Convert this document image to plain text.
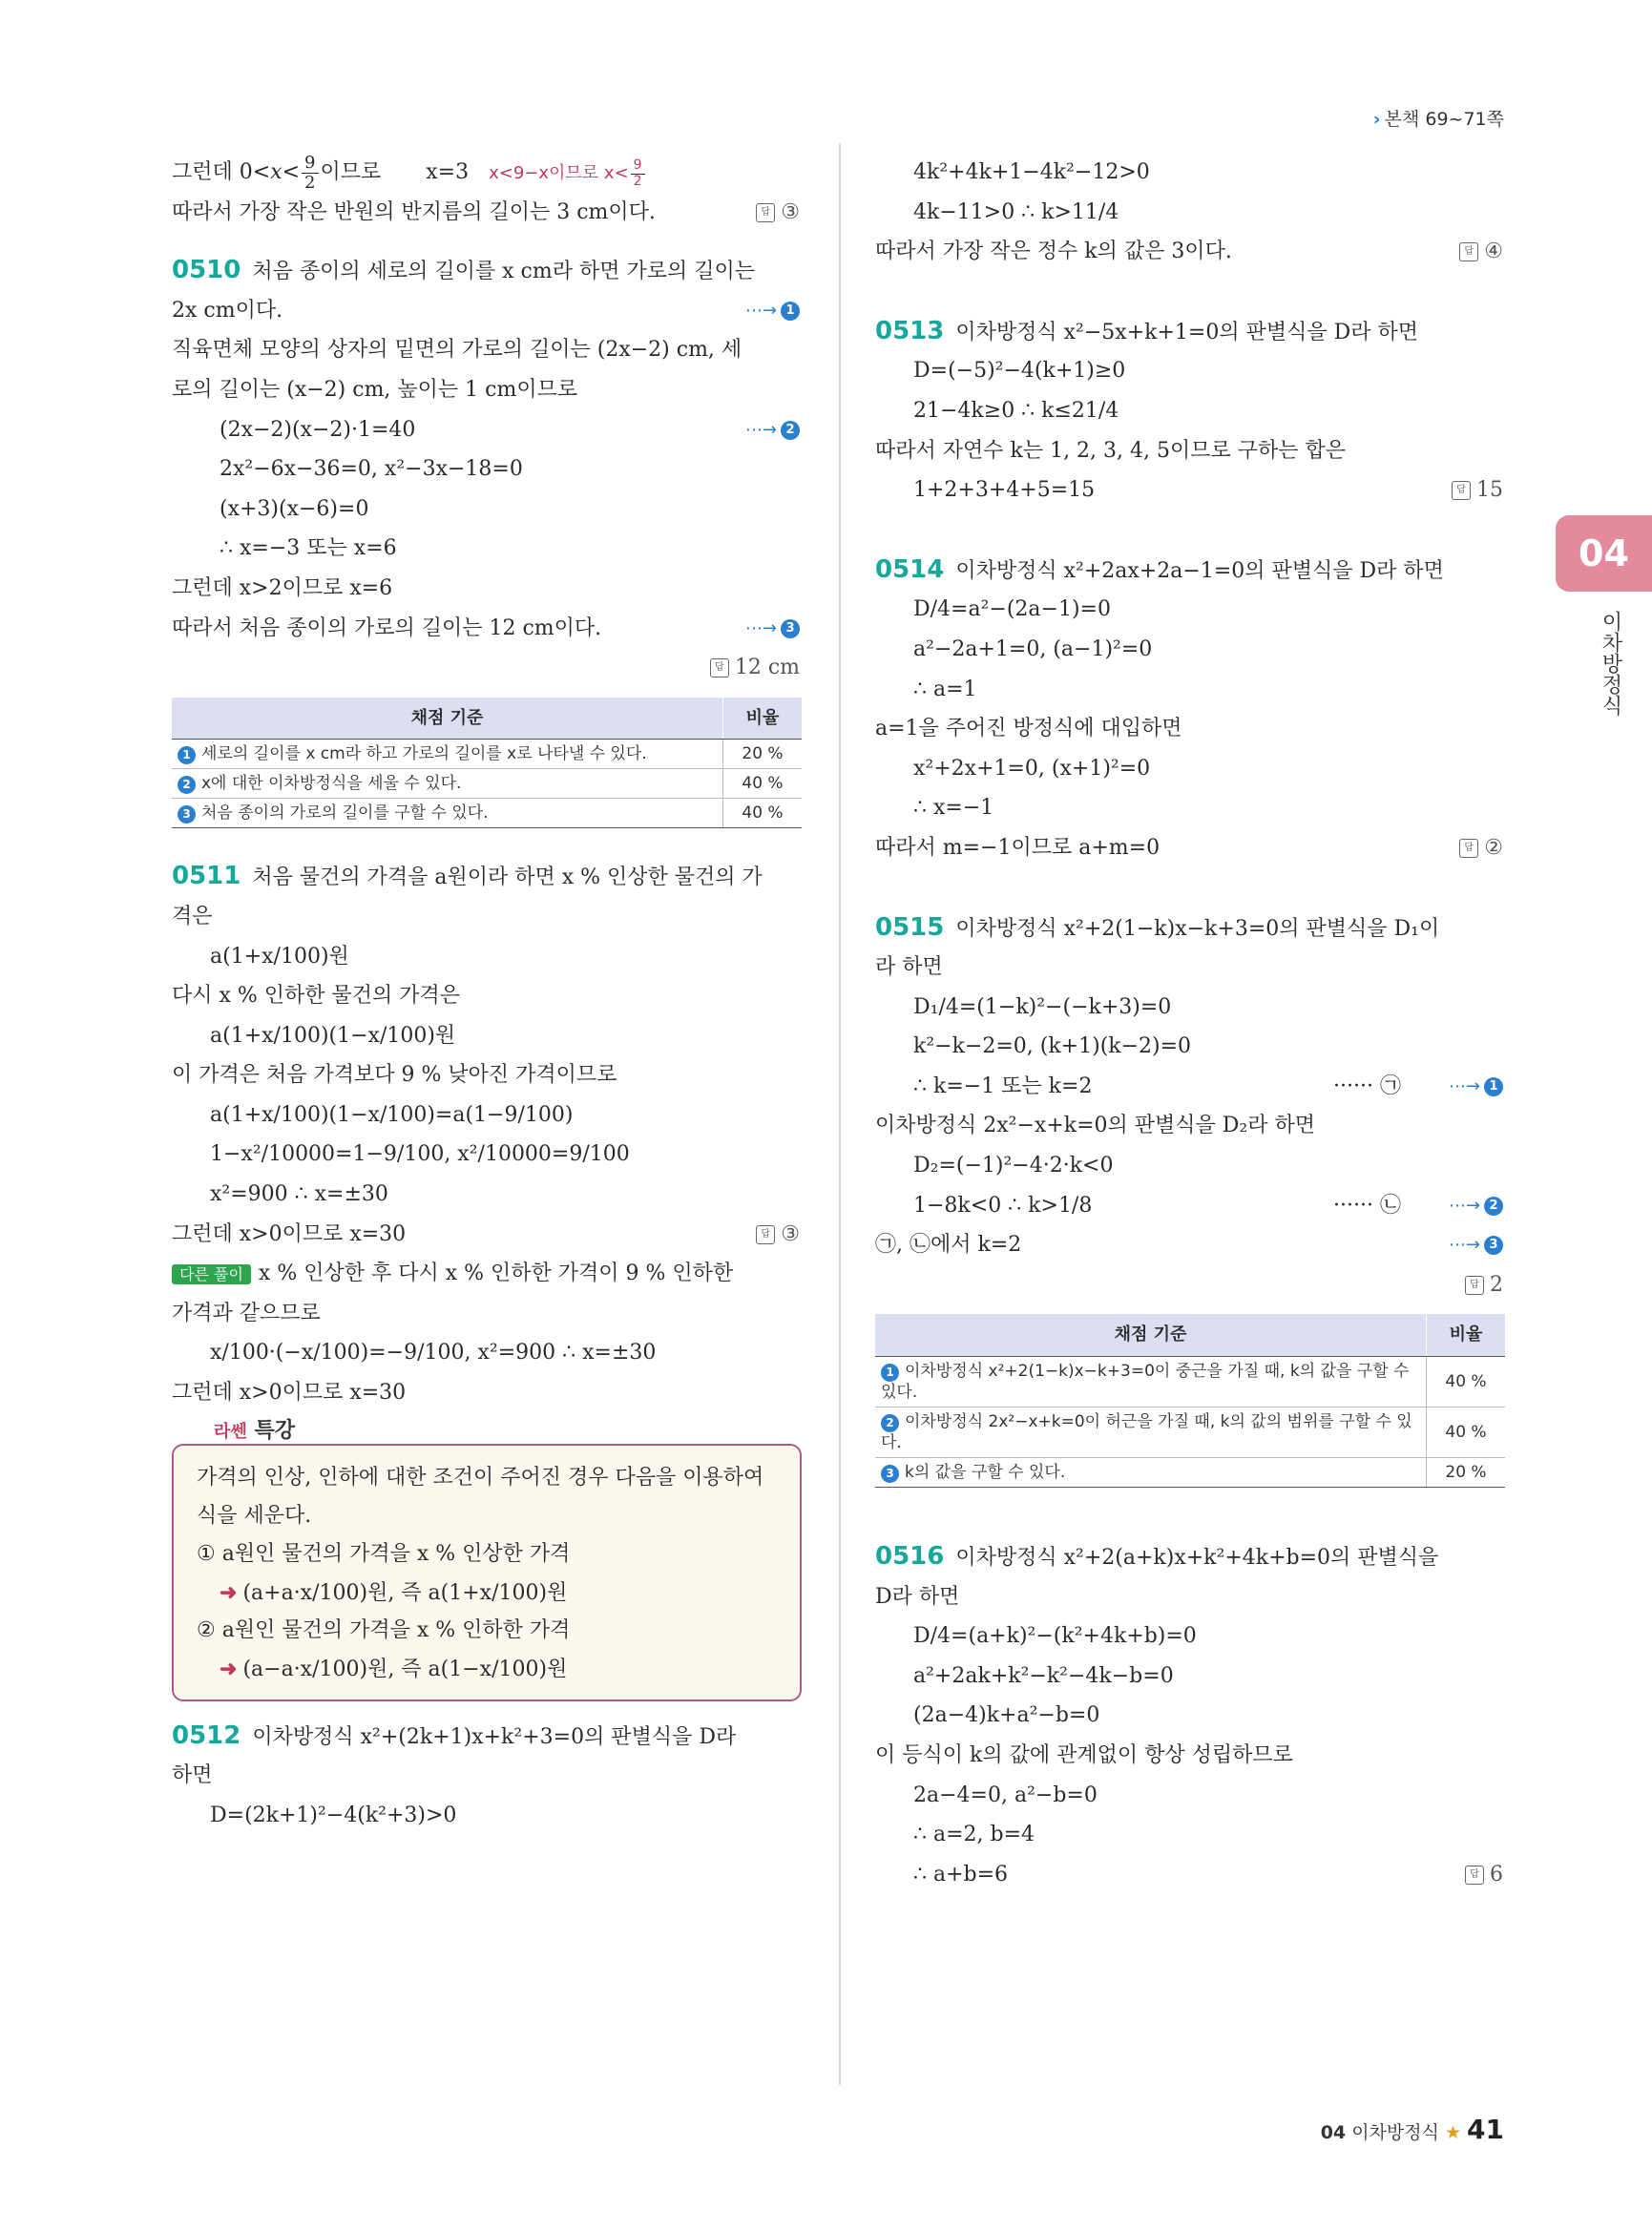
› 본책 69~71쪽
그런데 $0<x< \frac{9}{2}$ 이므로 x=3 x<9−x이므로 $x< \frac{9}{2}$
따라서 가장 작은 반원의 반지름의 길이는 3 cm이다.	답 ③
0510 처음 종이의 세로의 길이를 x cm라 하면 가로의 길이는
2x cm이다.	⋯→ 1
직육면체 모양의 상자의 밑면의 가로의 길이는 (2x−2) cm, 세
로의 길이는 (x−2) cm, 높이는 1 cm이므로
(2x−2)(x−2)·1=40	⋯→ 2
2x²−6x−36=0, x²−3x−18=0
(x+3)(x−6)=0
∴ x=−3 또는 x=6
그런데 x>2이므로 x=6
따라서 처음 종이의 가로의 길이는 12 cm이다.	⋯→ 3
답 12 cm
채점 기준	비율
1 세로의 길이를 x cm라 하고 가로의 길이를 x로 나타낼 수 있다.	20 %
2 x에 대한 이차방정식을 세울 수 있다.	40 %
3 처음 종이의 가로의 길이를 구할 수 있다.	40 %
0511 처음 물건의 가격을 a원이라 하면 x % 인상한 물건의 가
격은
a(1+x/100)원
다시 x % 인하한 물건의 가격은
a(1+x/100)(1−x/100)원
이 가격은 처음 가격보다 9 % 낮아진 가격이므로
a(1+x/100)(1−x/100)=a(1−9/100)
1−x²/10000=1−9/100, x²/10000=9/100
x²=900 ∴ x=±30
그런데 x>0이므로 x=30	답 ③
다른 풀이 x % 인상한 후 다시 x % 인하한 가격이 9 % 인하한
가격과 같으므로
x/100·(−x/100)=−9/100, x²=900 ∴ x=±30
그런데 x>0이므로 x=30
라쎈 특강
가격의 인상, 인하에 대한 조건이 주어진 경우 다음을 이용하여
식을 세운다.
① a원인 물건의 가격을 x % 인상한 가격
➜ (a+a·x/100)원, 즉 a(1+x/100)원
② a원인 물건의 가격을 x % 인하한 가격
➜ (a−a·x/100)원, 즉 a(1−x/100)원
0512 이차방정식 x²+(2k+1)x+k²+3=0의 판별식을 D라
하면
D=(2k+1)²−4(k²+3)>0
4k²+4k+1−4k²−12>0
4k−11>0 ∴ k>11/4
따라서 가장 작은 정수 k의 값은 3이다.	답 ④
0513 이차방정식 x²−5x+k+1=0의 판별식을 D라 하면
D=(−5)²−4(k+1)≥0
21−4k≥0 ∴ k≤21/4
따라서 자연수 k는 1, 2, 3, 4, 5이므로 구하는 합은
1+2+3+4+5=15	답 15
0514 이차방정식 x²+2ax+2a−1=0의 판별식을 D라 하면
D/4=a²−(2a−1)=0
a²−2a+1=0, (a−1)²=0
∴ a=1
a=1을 주어진 방정식에 대입하면
x²+2x+1=0, (x+1)²=0
∴ x=−1
따라서 m=−1이므로 a+m=0	답 ②
0515 이차방정식 x²+2(1−k)x−k+3=0의 판별식을 D₁이
라 하면
D₁/4=(1−k)²−(−k+3)=0
k²−k−2=0, (k+1)(k−2)=0
∴ k=−1 또는 k=2	······ ㉠	⋯→ 1
이차방정식 2x²−x+k=0의 판별식을 D₂라 하면
D₂=(−1)²−4·2·k<0
1−8k<0 ∴ k>1/8	······ ㉡	⋯→ 2
㉠, ㉡에서 k=2	⋯→ 3
답 2
채점 기준	비율
1 이차방정식 x²+2(1−k)x−k+3=0이 중근을 가질 때, k의 값을 구할 수 있다.	40 %
2 이차방정식 2x²−x+k=0이 허근을 가질 때, k의 값의 범위를 구할 수 있다.	40 %
3 k의 값을 구할 수 있다.	20 %
0516 이차방정식 x²+2(a+k)x+k²+4k+b=0의 판별식을
D라 하면
D/4=(a+k)²−(k²+4k+b)=0
a²+2ak+k²−k²−4k−b=0
(2a−4)k+a²−b=0
이 등식이 k의 값에 관계없이 항상 성립하므로
2a−4=0, a²−b=0
∴ a=2, b=4
∴ a+b=6	답 6
04
이차방정식
04 이차방정식 ★ 41
